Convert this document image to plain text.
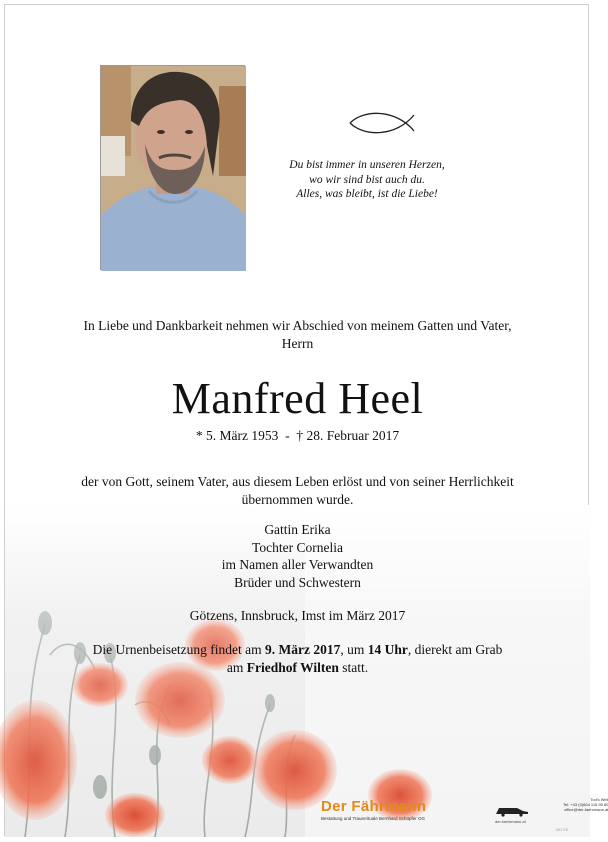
Du bist immer in unseren Herzen,
wo wir sind bist auch du.
Alles, was bleibt, ist die Liebe!
In Liebe und Dankbarkeit nehmen wir Abschied von meinem Gatten und Vater,
Herrn
Manfred Heel
* 5. März 1953 - † 28. Februar 2017
der von Gott, seinem Vater, aus diesem Leben erlöst und von seiner Herrlichkeit
übernommen wurde.
Gattin Erika
Tochter Cornelia
im Namen aller Verwandten
Brüder und Schwestern
Götzens, Innsbruck, Imst im März 2017
Die Urnenbeisetzung findet am 9. März 2017, um 14 Uhr, dierekt am Grab
am Friedhof Wilten statt.
Der Fährmann
Bestattung und Trauerrituale Bernhard Schöpfer OG
der-faehrmann.at
Tod's Weil
Tel: +43 (0)664 115 95 60
office@der-faehrmann.at
2017/0
